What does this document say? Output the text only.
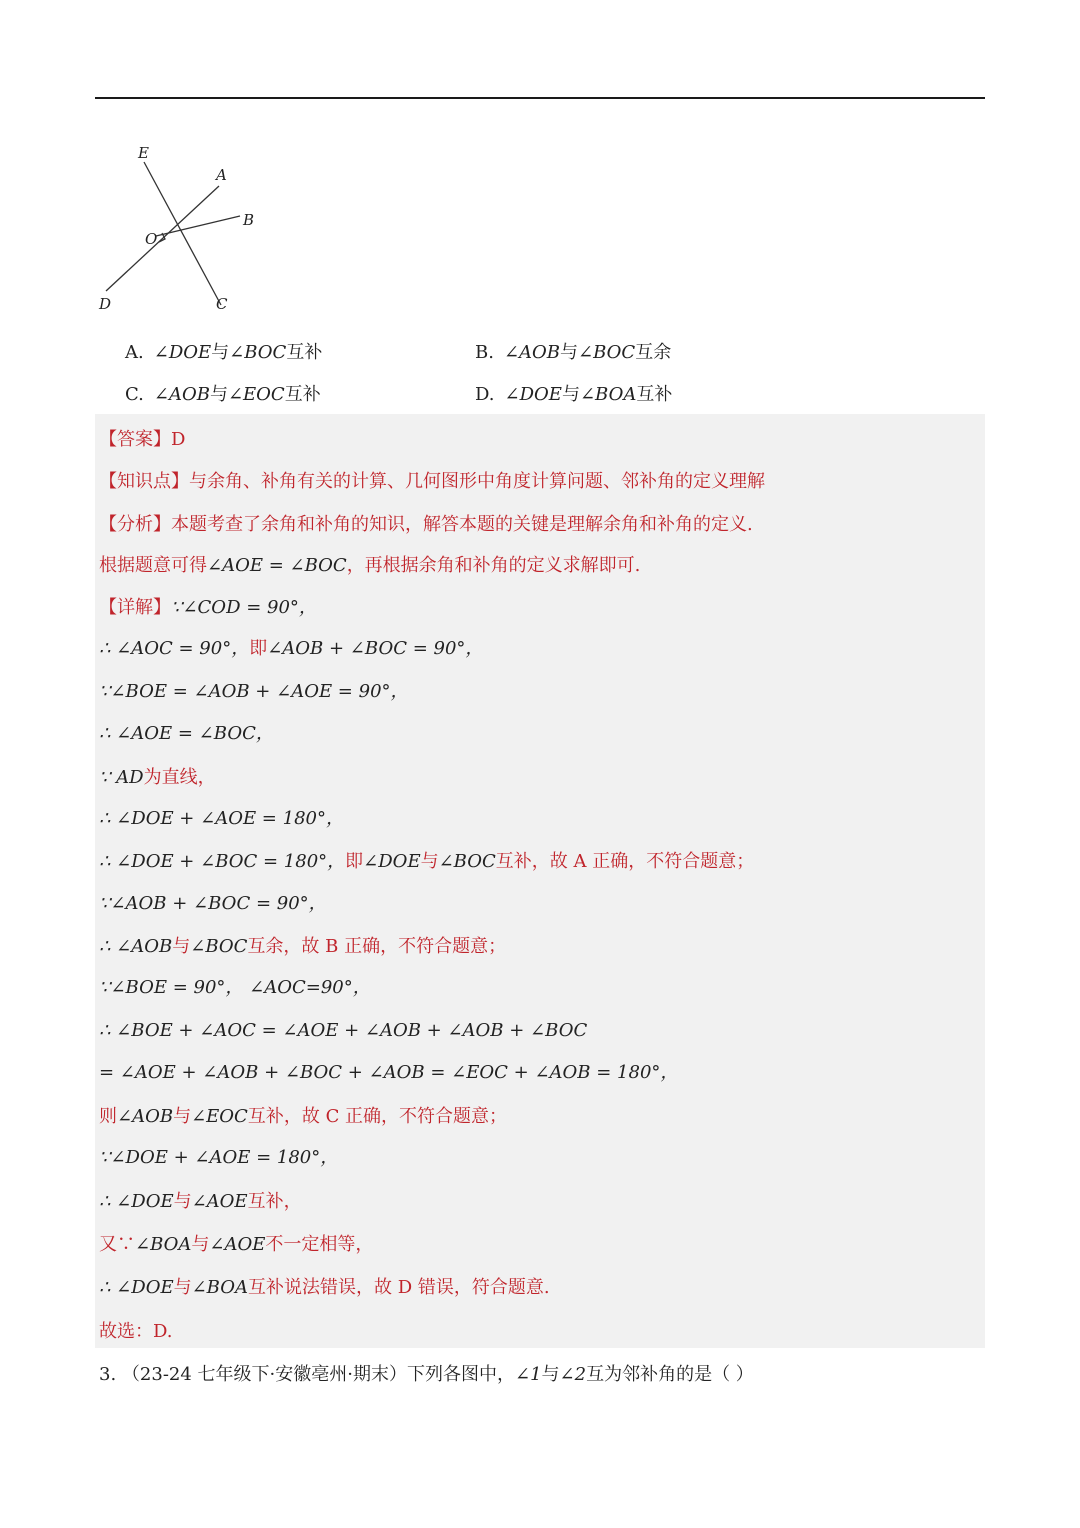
E
A
B
O
D	C
A. ∠DOE与∠BOC互补	B. ∠AOB与∠BOC互余
C. ∠AOB与∠EOC互补	D. ∠DOE与∠BOA互补
【答案】D
【知识点】与余角、补角有关的计算、几何图形中角度计算问题、邻补角的定义理解
【分析】本题考查了余角和补角的知识，解答本题的关键是理解余角和补角的定义.
根据题意可得∠AOE = ∠BOC，再根据余角和补角的定义求解即可.
【详解】∵∠COD = 90°，
∴ ∠AOC = 90°，即∠AOB + ∠BOC = 90°，
∵∠BOE = ∠AOB + ∠AOE = 90°，
∴ ∠AOE = ∠BOC，
∵ AD为直线，
∴ ∠DOE + ∠AOE = 180°，
∴ ∠DOE + ∠BOC = 180°，即∠DOE与∠BOC互补，故 A 正确，不符合题意；
∵∠AOB + ∠BOC = 90°，
∴ ∠AOB与∠BOC互余，故 B 正确，不符合题意；
∵∠BOE = 90°， ∠AOC=90°，
∴ ∠BOE + ∠AOC = ∠AOE + ∠AOB + ∠AOB + ∠BOC
= ∠AOE + ∠AOB + ∠BOC + ∠AOB = ∠EOC + ∠AOB = 180°，
则∠AOB与∠EOC互补，故 C 正确，不符合题意；
∵∠DOE + ∠AOE = 180°，
∴ ∠DOE与∠AOE互补，
又∵∠BOA与∠AOE不一定相等，
∴ ∠DOE与∠BOA互补说法错误，故 D 错误，符合题意.
故选：D.
3. （23-24 七年级下·安徽亳州·期末）下列各图中，∠1与∠2互为邻补角的是（ ）
